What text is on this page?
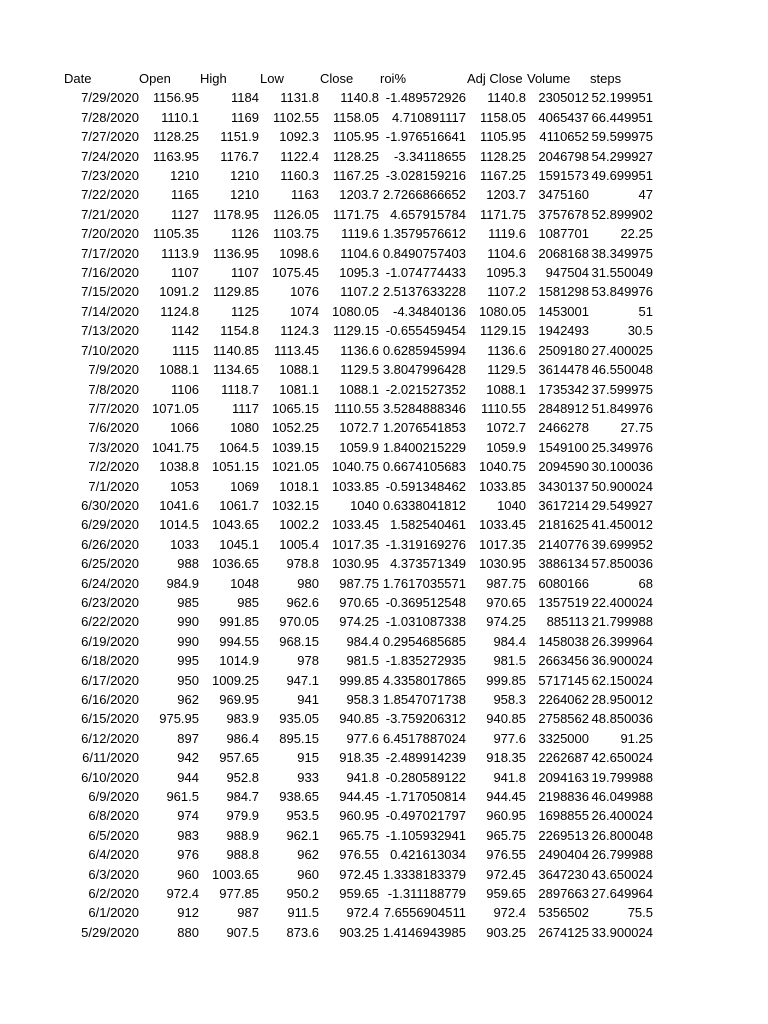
Date	Open	High	Low	Close	roi%	Adj Close	Volume	steps
7/29/2020	1156.95	1184	1131.8	1140.8	-1.489572926	1140.8	2305012	52.199951
7/28/2020	1110.1	1169	1102.55	1158.05	4.710891117	1158.05	4065437	66.449951
7/27/2020	1128.25	1151.9	1092.3	1105.95	-1.976516641	1105.95	4110652	59.599975
7/24/2020	1163.95	1176.7	1122.4	1128.25	-3.34118655	1128.25	2046798	54.299927
7/23/2020	1210	1210	1160.3	1167.25	-3.028159216	1167.25	1591573	49.699951
7/22/2020	1165	1210	1163	1203.7	2.7266866652	1203.7	3475160	47
7/21/2020	1127	1178.95	1126.05	1171.75	4.657915784	1171.75	3757678	52.899902
7/20/2020	1105.35	1126	1103.75	1119.6	1.3579576612	1119.6	1087701	22.25
7/17/2020	1113.9	1136.95	1098.6	1104.6	0.8490757403	1104.6	2068168	38.349975
7/16/2020	1107	1107	1075.45	1095.3	-1.074774433	1095.3	947504	31.550049
7/15/2020	1091.2	1129.85	1076	1107.2	2.5137633228	1107.2	1581298	53.849976
7/14/2020	1124.8	1125	1074	1080.05	-4.34840136	1080.05	1453001	51
7/13/2020	1142	1154.8	1124.3	1129.15	-0.655459454	1129.15	1942493	30.5
7/10/2020	1115	1140.85	1113.45	1136.6	0.6285945994	1136.6	2509180	27.400025
7/9/2020	1088.1	1134.65	1088.1	1129.5	3.8047996428	1129.5	3614478	46.550048
7/8/2020	1106	1118.7	1081.1	1088.1	-2.021527352	1088.1	1735342	37.599975
7/7/2020	1071.05	1117	1065.15	1110.55	3.5284888346	1110.55	2848912	51.849976
7/6/2020	1066	1080	1052.25	1072.7	1.2076541853	1072.7	2466278	27.75
7/3/2020	1041.75	1064.5	1039.15	1059.9	1.8400215229	1059.9	1549100	25.349976
7/2/2020	1038.8	1051.15	1021.05	1040.75	0.6674105683	1040.75	2094590	30.100036
7/1/2020	1053	1069	1018.1	1033.85	-0.591348462	1033.85	3430137	50.900024
6/30/2020	1041.6	1061.7	1032.15	1040	0.6338041812	1040	3617214	29.549927
6/29/2020	1014.5	1043.65	1002.2	1033.45	1.582540461	1033.45	2181625	41.450012
6/26/2020	1033	1045.1	1005.4	1017.35	-1.319169276	1017.35	2140776	39.699952
6/25/2020	988	1036.65	978.8	1030.95	4.373571349	1030.95	3886134	57.850036
6/24/2020	984.9	1048	980	987.75	1.7617035571	987.75	6080166	68
6/23/2020	985	985	962.6	970.65	-0.369512548	970.65	1357519	22.400024
6/22/2020	990	991.85	970.05	974.25	-1.031087338	974.25	885113	21.799988
6/19/2020	990	994.55	968.15	984.4	0.2954685685	984.4	1458038	26.399964
6/18/2020	995	1014.9	978	981.5	-1.835272935	981.5	2663456	36.900024
6/17/2020	950	1009.25	947.1	999.85	4.3358017865	999.85	5717145	62.150024
6/16/2020	962	969.95	941	958.3	1.8547071738	958.3	2264062	28.950012
6/15/2020	975.95	983.9	935.05	940.85	-3.759206312	940.85	2758562	48.850036
6/12/2020	897	986.4	895.15	977.6	6.4517887024	977.6	3325000	91.25
6/11/2020	942	957.65	915	918.35	-2.489914239	918.35	2262687	42.650024
6/10/2020	944	952.8	933	941.8	-0.280589122	941.8	2094163	19.799988
6/9/2020	961.5	984.7	938.65	944.45	-1.717050814	944.45	2198836	46.049988
6/8/2020	974	979.9	953.5	960.95	-0.497021797	960.95	1698855	26.400024
6/5/2020	983	988.9	962.1	965.75	-1.105932941	965.75	2269513	26.800048
6/4/2020	976	988.8	962	976.55	0.421613034	976.55	2490404	26.799988
6/3/2020	960	1003.65	960	972.45	1.3338183379	972.45	3647230	43.650024
6/2/2020	972.4	977.85	950.2	959.65	-1.311188779	959.65	2897663	27.649964
6/1/2020	912	987	911.5	972.4	7.6556904511	972.4	5356502	75.5
5/29/2020	880	907.5	873.6	903.25	1.4146943985	903.25	2674125	33.900024
